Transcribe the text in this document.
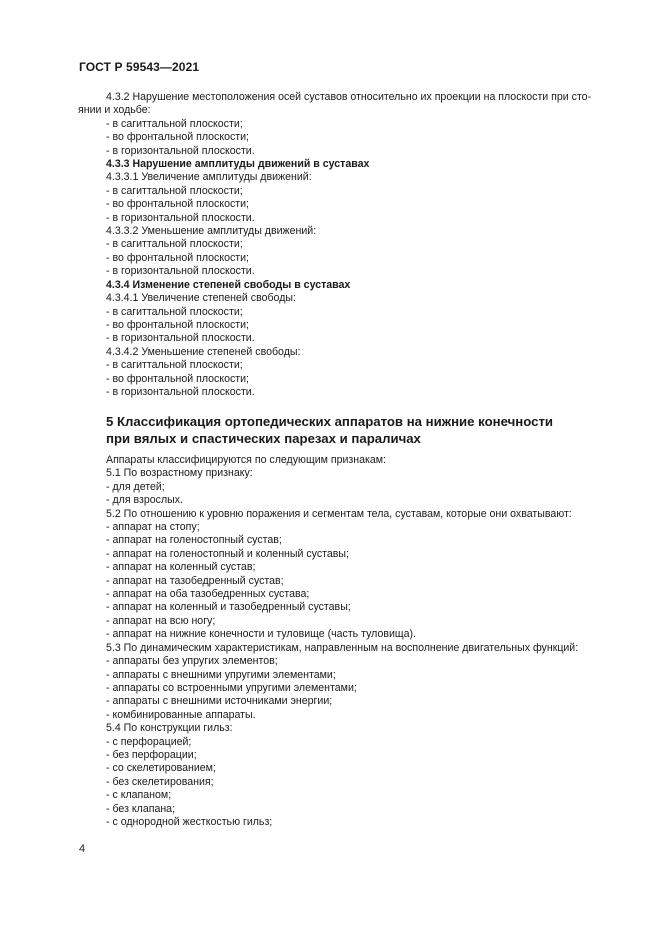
ГОСТ Р 59543—2021
4.3.2 Нарушение местоположения осей суставов относительно их проекции на плоскости при сто-
янии и ходьбе:
- в сагиттальной плоскости;
- во фронтальной плоскости;
- в горизонтальной плоскости.
4.3.3 Нарушение амплитуды движений в суставах
4.3.3.1 Увеличение амплитуды движений:
- в сагиттальной плоскости;
- во фронтальной плоскости;
- в горизонтальной плоскости.
4.3.3.2 Уменьшение амплитуды движений:
- в сагиттальной плоскости;
- во фронтальной плоскости;
- в горизонтальной плоскости.
4.3.4 Изменение степеней свободы в суставах
4.3.4.1 Увеличение степеней свободы:
- в сагиттальной плоскости;
- во фронтальной плоскости;
- в горизонтальной плоскости.
4.3.4.2 Уменьшение степеней свободы:
- в сагиттальной плоскости;
- во фронтальной плоскости;
- в горизонтальной плоскости.
5 Классификация ортопедических аппаратов на нижние конечности
при вялых и спастических парезах и параличах
Аппараты классифицируются по следующим признакам:
5.1 По возрастному признаку:
- для детей;
- для взрослых.
5.2 По отношению к уровню поражения и сегментам тела, суставам, которые они охватывают:
- аппарат на стопу;
- аппарат на голеностопный сустав;
- аппарат на голеностопный и коленный суставы;
- аппарат на коленный сустав;
- аппарат на тазобедренный сустав;
- аппарат на оба тазобедренных сустава;
- аппарат на коленный и тазобедренный суставы;
- аппарат на всю ногу;
- аппарат на нижние конечности и туловище (часть туловища).
5.3 По динамическим характеристикам, направленным на восполнение двигательных функций:
- аппараты без упругих элементов;
- аппараты с внешними упругими элементами;
- аппараты со встроенными упругими элементами;
- аппараты с внешними источниками энергии;
- комбинированные аппараты.
5.4 По конструкции гильз:
- с перфорацией;
- без перфорации;
- со скелетированием;
- без скелетирования;
- с клапаном;
- без клапана;
- с однородной жесткостью гильз;
4
